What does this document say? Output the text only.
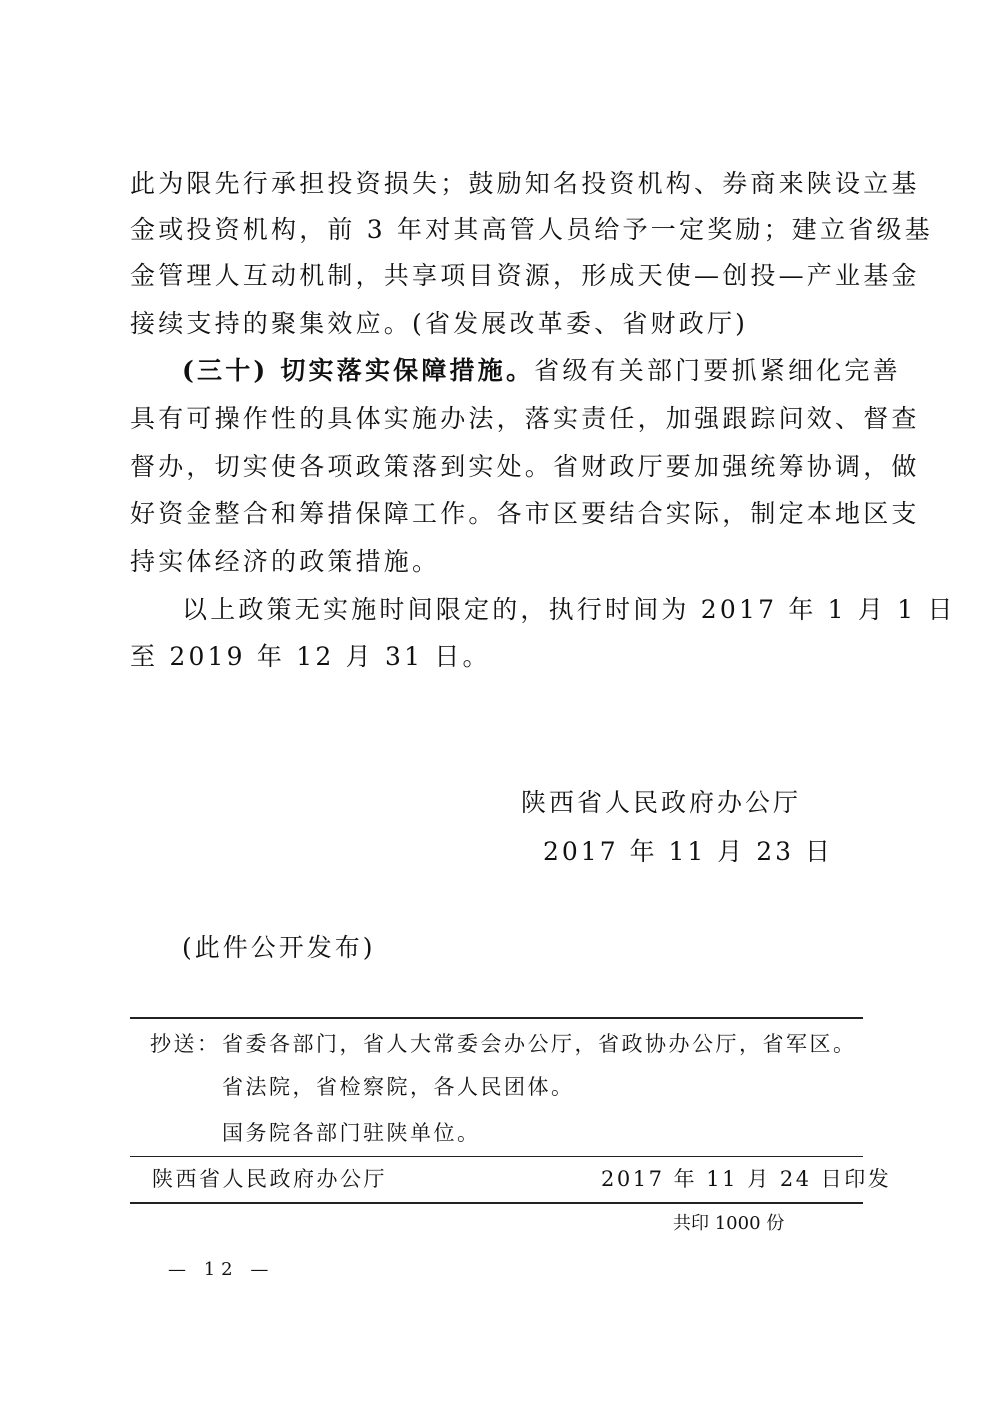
此为限先行承担投资损失；鼓励知名投资机构、券商来陕设立基
金或投资机构，前 3 年对其高管人员给予一定奖励；建立省级基
金管理人互动机制，共享项目资源，形成天使—创投—产业基金
接续支持的聚集效应。(省发展改革委、省财政厅)
(三十) 切实落实保障措施。省级有关部门要抓紧细化完善
具有可操作性的具体实施办法，落实责任，加强跟踪问效、督查
督办，切实使各项政策落到实处。省财政厅要加强统筹协调，做
好资金整合和筹措保障工作。各市区要结合实际，制定本地区支
持实体经济的政策措施。
以上政策无实施时间限定的，执行时间为 2017 年 1 月 1 日
至 2019 年 12 月 31 日。
陕西省人民政府办公厅
2017 年 11 月 23 日
(此件公开发布)
抄送： 省委各部门，省人大常委会办公厅，省政协办公厅，省军区。
省法院，省检察院，各人民团体。
国务院各部门驻陕单位。
陕西省人民政府办公厅	2017 年 11 月 24 日印发
共印 1000 份
— 12 —
